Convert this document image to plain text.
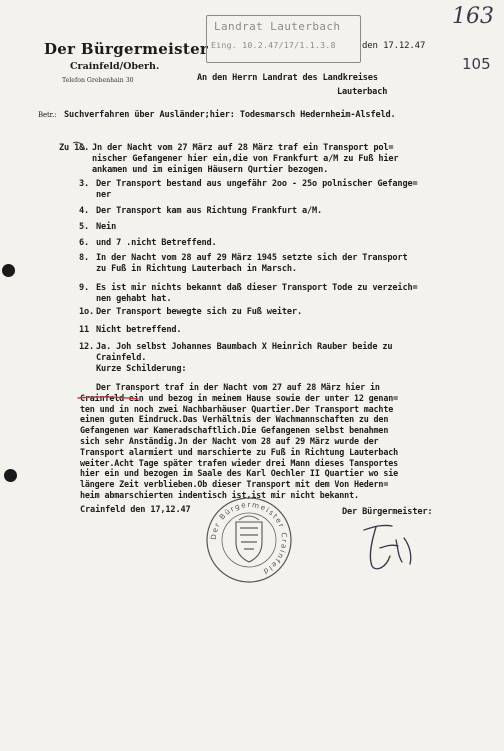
Der Bürgermeister
Crainfeld/Oberh.
Telefon Grebenhain 30
Landrat Lauterbach
Eing. 10.2.47/17/1.1.3.8	den 17.12.47
163
105
An den Herrn Landrat des Landkreises
Lauterbach
Betr.: Suchverfahren über Ausländer;hier: Todesmarsch Hedernheim-Alsfeld.
Zu 1&. Jn der Nacht vom 27 März auf 28 März traf ein Transport pol=
nischer Gefangener hier ein,die von Frankfurt a/M zu Fuß hier
ankamen und im einigen Häusern Qurtier bezogen.
3. Der Transport bestand aus ungefähr 2oo - 25o polnischer Gefange=
ner
4. Der Transport kam aus Richtung Frankfurt a/M.
5. Nein
6. und 7 .nicht Betreffend.
8. In der Nacht vom 28 auf 29 März 1945 setzte sich der Transport
zu Fuß in Richtung Lauterbach in Marsch.
9. Es ist mir nichts bekannt daß dieser Transport Tode zu verzeich=
nen gehabt hat.
1o. Der Transport bewegte sich zu Fuß weiter.
11 Nicht betreffend.
12. Ja. Joh selbst Johannes Baumbach X Heinrich Rauber beide zu
Crainfeld.
Kurze Schilderung:
Der Transport traf in der Nacht vom 27 auf 28 März hier in
Crainfeld ein und bezog in meinem Hause sowie der unter 12 genan=
ten und in noch zwei Nachbarhäuser Quartier.Der Transport machte
einen guten Eindruck.Das Verhältnis der Wachmannschaften zu den
Gefangenen war Kameradschaftlich.Die Gefangenen selbst benahmen
sich sehr Anständig.Jn der Nacht vom 28 auf 29 März wurde der
Transport alarmiert und marschierte zu Fuß in Richtung Lauterbach
weiter.Acht Tage später trafen wieder drei Mann dieses Tansportes
hier ein und bezogen im Saale des Karl Oechler II Quartier wo sie
längere Zeit verblieben.Ob dieser Transport mit dem Von Hedern=
heim abmarschierten indentisch ist,ist mir nicht bekannt.
Crainfeld den 17,12.47	Der Bürgermeister:
Der Bürgermeister Crainfeld
Fritz
